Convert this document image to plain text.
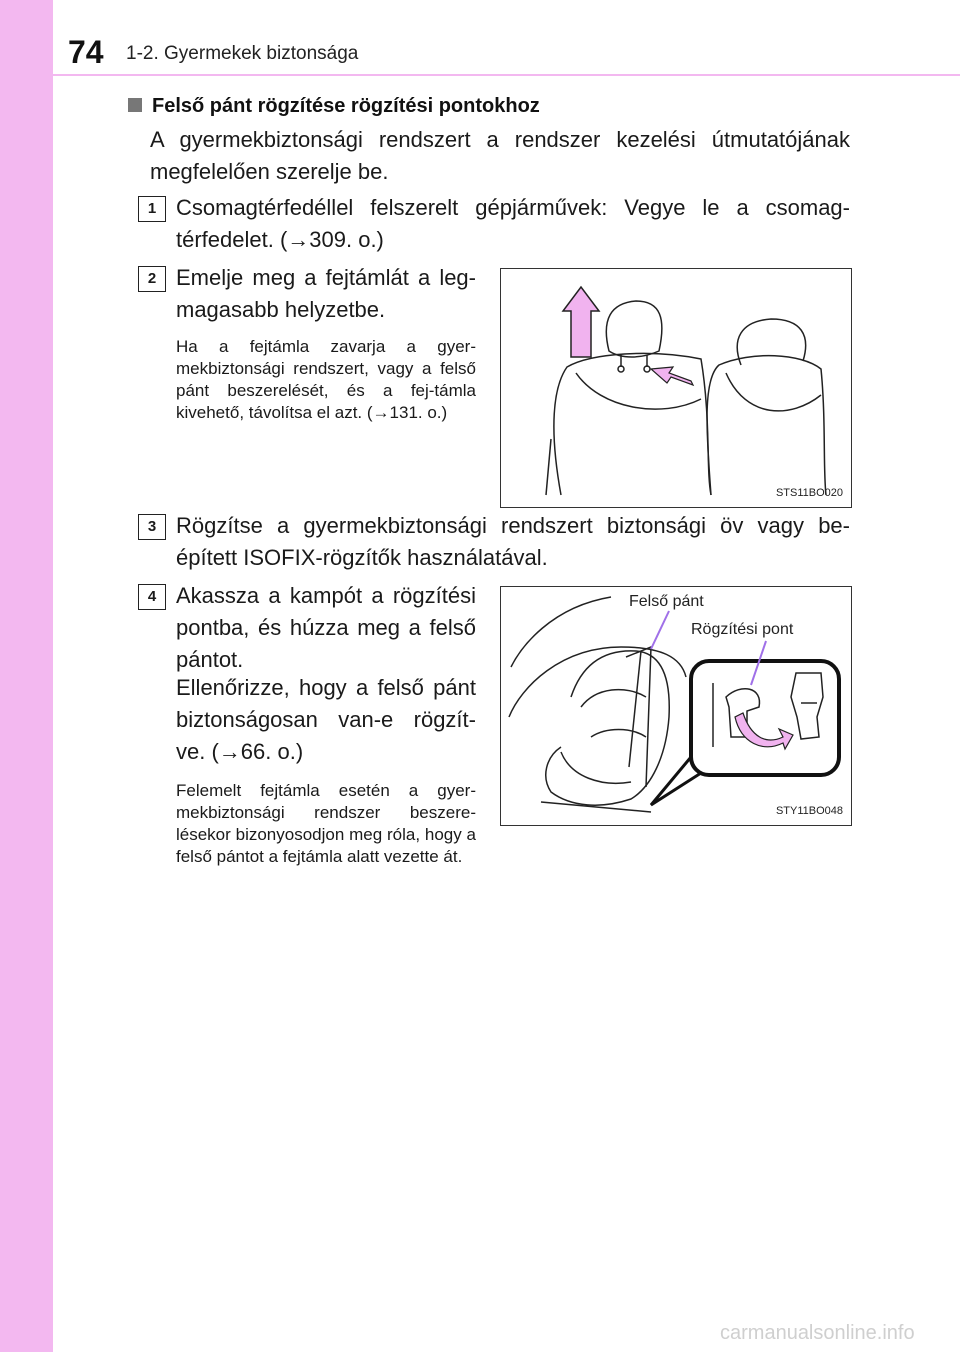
74 1-2. Gyermekek biztonsága
Felső pánt rögzítése rögzítési pontokhoz
A gyermekbiztonsági rendszert a rendszer kezelési útmutatójának megfelelően szerelje be.
1 Csomagtérfedéllel felszerelt gépjárművek: Vegye le a csomag-térfedelet. (→309. o.)
2 Emelje meg a fejtámlát a leg-magasabb helyzetbe.
Ha a fejtámla zavarja a gyer-mekbiztonsági rendszert, vagy a felső pánt beszerelését, és a fej-támla kivehető, távolítsa el azt. (→131. o.)
STS11BO020
3 Rögzítse a gyermekbiztonsági rendszert biztonsági öv vagy be-épített ISOFIX-rögzítők használatával.
4 Akassza a kampót a rögzítési pontba, és húzza meg a felső pántot.
Ellenőrizze, hogy a felső pánt biztonságosan van-e rögzít-ve. (→66. o.)
Felemelt fejtámla esetén a gyer-mekbiztonsági rendszer beszere-lésekor bizonyosodjon meg róla, hogy a felső pántot a fejtámla alatt vezette át.
Felső pánt
Rögzítési pont
STY11BO048
carmanualsonline.info
